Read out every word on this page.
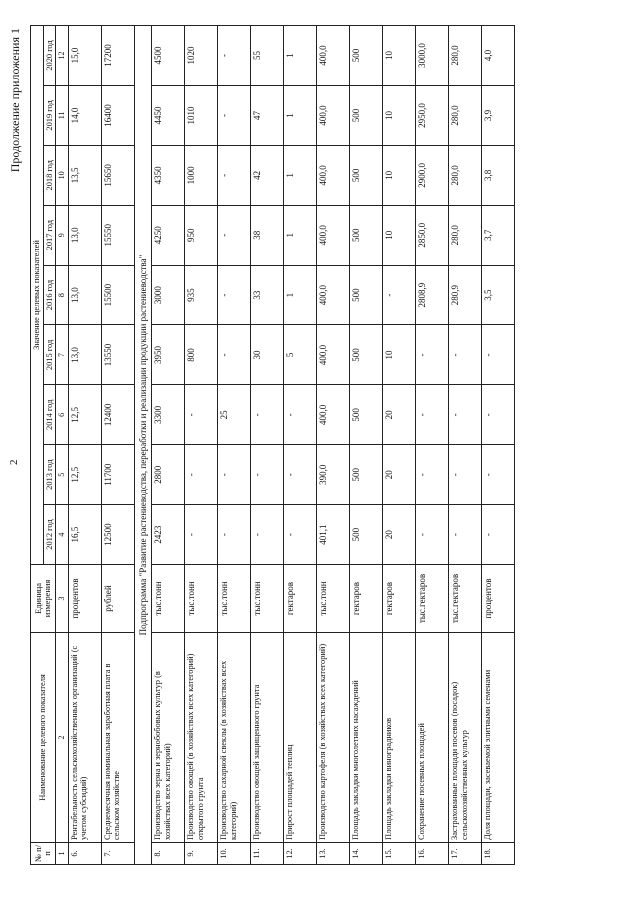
2
Продолжение приложения 1
№ п/п	Наименование целевого показателя	Единица измерения	Значение целевых показателей								
			2012 год	2013 год	2014 год	2015 год	2016 год	2017 год	2018 год	2019 год	2020 год
1	2	3	4	5	6	7	8	9	10	11	12
6.	Рентабельность сельскохозяйственных организаций (с учетом субсидий)	процентов	16,5	12,5	12,5	13,0	13,0	13,0	13,5	14,0	15,0
7.	Среднемесячная номинальная заработная плата в сельском хозяйстве	рублей	12500	11700	12400	13550	15500	15550	15650	16400	17200
Подпрограмма "Развитие растениеводства, переработки и реализации продукции растениеводства"											
8.	Производство зерна и зернобобовых культур (в хозяйствах всех категорий)	тыс.тонн	2423	2800	3300	3950	3000	4250	4350	4450	4500
9.	Производство овощей (в хозяйствах всех категорий) открытого грунта	тыс.тонн	-	-	-	800	935	950	1000	1010	1020
10.	Производство сахарной свеклы (в хозяйствах всех категорий)	тыс.тонн	-	-	25	-	-	-	-	-	-
11.	Производство овощей защищенного грунта	тыс.тонн	-	-	-	30	33	38	42	47	55
12.	Прирост площадей теплиц	гектаров	-	-	-	5	1	1	1	1	1
13.	Производство картофеля (в хозяйствах всех категорий)	тыс.тонн	401,1	390,0	400,0	400,0	400,0	400,0	400,0	400,0	400,0
14.	Площадь закладки многолетних насаждений	гектаров	500	500	500	500	500	500	500	500	500
15.	Площадь закладки виноградников	гектаров	20	20	20	10	-	10	10	10	10
16.	Сохранение посевных площадей	тыс.гектаров	-	-	-	-	2808,9	2850,0	2900,0	2950,0	3000,0
17.	Застрахованные площади посевов (посадок) сельскохозяйственных культур	тыс.гектаров	-	-	-	-	280,9	280,0	280,0	280,0	280,0
18.	Доля площади, засеваемой элитными семенами	процентов	-	-	-	-	3,5	3,7	3,8	3,9	4,0
